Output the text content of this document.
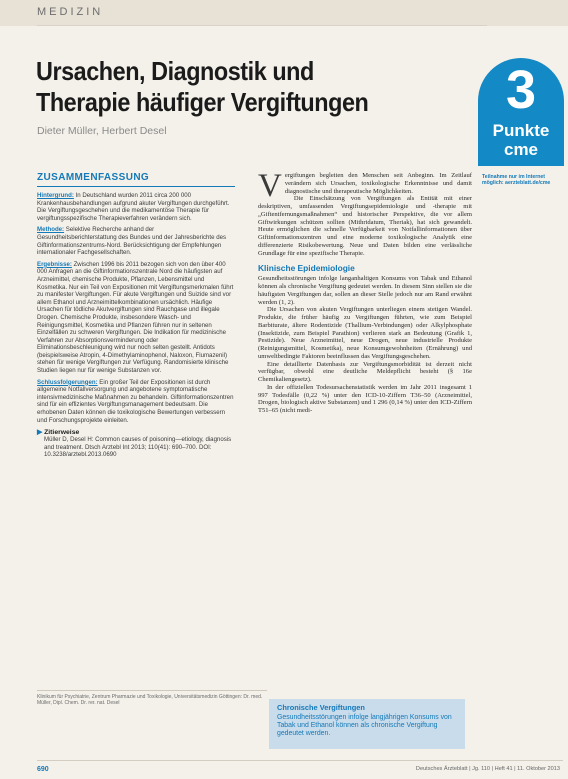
MEDIZIN
Ursachen, Diagnostik und
Therapie häufiger Vergiftungen
Dieter Müller, Herbert Desel
3
Punkte
cme
ZUSAMMENFASSUNG

Hintergrund: In Deutschland wurden 2011 circa 200 000 Krankenhausbehandlungen aufgrund akuter Vergiftungen durchgeführt. Die Vergiftungsgeschehen und die medikamentöse Therapie für vergiftungsspezifische Therapieverfahren verändern sich.

Methode: Selektive Recherche anhand der Gesundheitsberichterstattung des Bundes und der Jahresberichte des Giftinformationszentrums-Nord. Berücksichtigung der Empfehlungen internationaler Fachgesellschaften.

Ergebnisse: Zwischen 1996 bis 2011 bezogen sich von den über 400 000 Anfragen an die Giftinformationszentrale Nord die häufigsten auf Arzneimittel, chemische Produkte, Pflanzen, Lebensmittel und Kosmetika. Nur ein Teil von Expositionen mit Vergiftungsmerkmalen führt zu manifester Vergiftungen. Für akute Vergiftungen und Suizide sind vor allem Ethanol und Arzneimittelkombinationen ursächlich. Häufige Ursachen für tödliche Akutvergiftungen sind Rauchgase und illegale Drogen. Chemische Produkte, insbesondere Wasch- und Reinigungsmittel, Kosmetika und Pflanzen führen nur in seltenen Einzelfällen zu schweren Vergiftungen. Die Indikation für medizinische Verfahren zur Absorptionsverminderung oder Eliminationsbeschleunigung wird nur noch selten gestellt. Antidots (beispielsweise Atropin, 4-Dimethylaminophenol, Naloxon, Flumazenil) stehen für wenige Vergiftungen zur Verfügung. Randomisierte klinische Studien liegen nur für wenige Substanzen vor.

Schlussfolgerungen: Ein großer Teil der Expositionen ist durch allgemeine Notfallversorgung und angebotene symptomatische intensivmedizinische Maßnahmen zu behandeln. Giftinformationszentren sind für ein effizientes Vergiftungsmanagement bedeutsam. Die erhobenen Daten können die toxikologische Bewertungen verbessern und Forschungsprojekte einleiten.

▶ Zitierweise
Müller D, Desel H: Common causes of poisoning—etiology, diagnosis and treatment. Dtsch Arztebl Int 2013; 110(41): 690–700. DOI: 10.3238/arztebl.2013.0690
Klinikum für Psychiatrie, Zentrum Pharmazie und Toxikologie, Universitätsmedizin Göttingen: Dr. med. Müller, Dipl. Chem. Dr. rer. nat. Desel
V ergiftungen begleiten den Menschen seit Anbeginn. Im Zeitlauf verändern sich Ursachen, toxikologische Erkenntnisse und damit diagnostische und therapeutische Möglichkeiten.

Die Einschätzung von Vergiftungen als Entität mit einer deskriptiven, umfassenden Vergiftungsepidemiologie und -therapie mit „Giftentfernungsmaßnahmen“ und historischer Perspektive, die vor allem Giftwirkungen schützen sollten (Mithridatum, Theriak), hat sich gewandelt. Heute ermöglichen die schnelle Verfügbarkeit von Notfallinformationen über Giftinformationszentren und eine moderne toxikologische Analytik eine differenzierte Risikobewertung. Neue und Daten bilden eine verlässliche Grundlage für eine spezifische Therapie.

Klinische Epidemiologie

Gesundheitsstörungen infolge langanhaltigen Konsums von Tabak und Ethanol können als chronische Vergiftung gedeutet werden. In diesem Sinn stellen sie die häufigsten Vergiftungen dar, sollen an dieser Stelle jedoch nur am Rand erwähnt werden (1, 2).

Die Ursachen von akuten Vergiftungen unterliegen einem stetigen Wandel. Produkte, die früher häufig zu Vergiftungen führten, wie zum Beispiel Barbiturate, ältere Rodentizide (Thallium-Verbindungen) oder Alkylphosphate (Insektizide, zum Beispiel Parathion) verlieren stark an Bedeutung (Grafik 1, Pestizide). Neue Arzneimittel, neue Drogen, neue industrielle Produkte (Reinigungsmittel, Kosmetika), neue Konsumgewohnheiten (Ernährung) und umweltbedingte Faktoren beeinflussen das Vergiftungsgeschehen.

Eine detaillierte Datenbasis zur Vergiftungsmorbidität ist derzeit nicht verfügbar, obwohl eine deutliche Meldepflicht besteht (§ 16e Chemikaliengesetz).

In der offiziellen Todesursachenstatistik werden im Jahr 2011 insgesamt 1 997 Todesfälle (0,22 %) unter den ICD-10-Ziffern T36–50 (Arzneimittel, Drogen, biologisch aktive Substanzen) und 1 296 (0,14 %) unter den ICD-Ziffern T51–65 (nicht medi-

Teilnahme nur im Internet möglich: aerzteblatt.de/cme
Chronische Vergiftungen
Gesundheitsstörungen infolge langjährigen Konsums von Tabak und Ethanol können als chronische Vergiftung gedeutet werden.
690	Deutsches Ärzteblatt | Jg. 110 | Heft 41 | 11. Oktober 2013
